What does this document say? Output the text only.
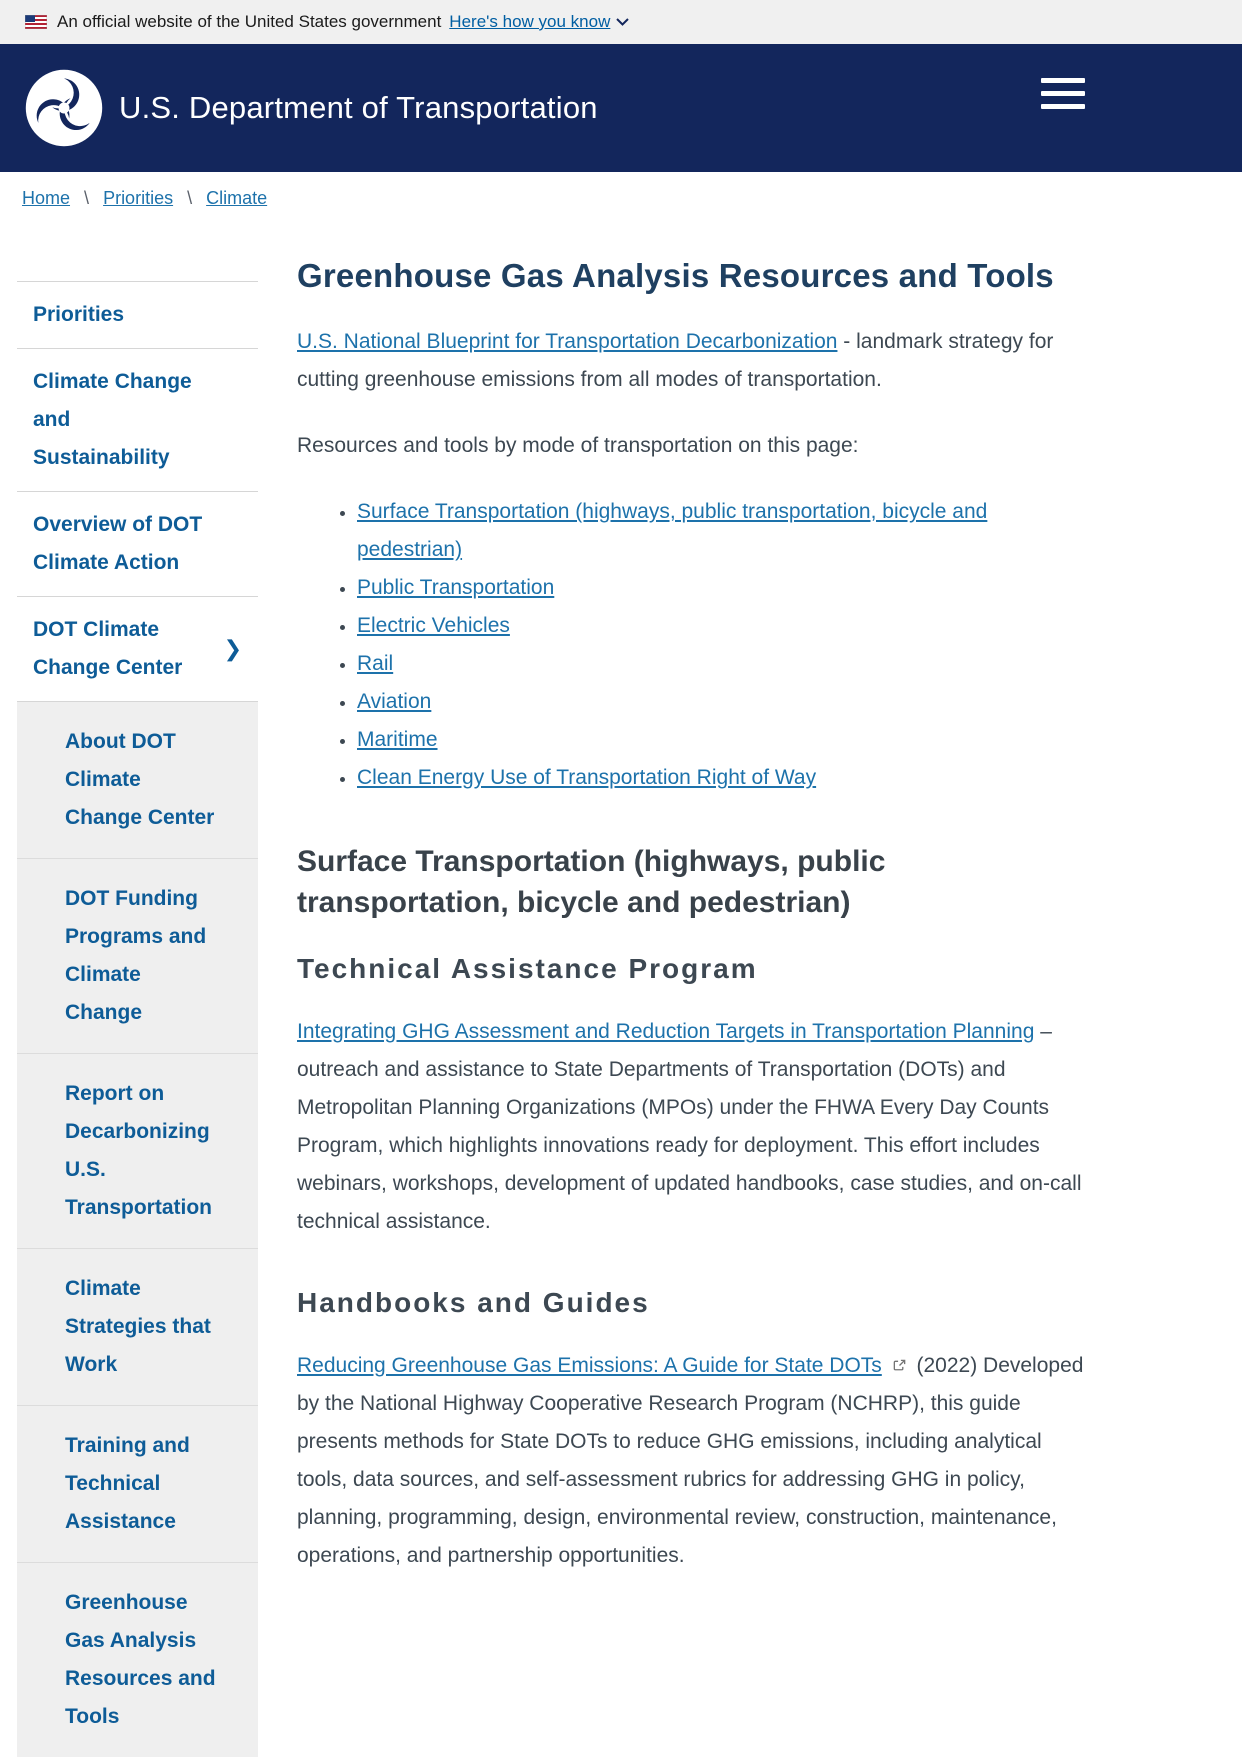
An official website of the United States government Here's how you know
U.S. Department of Transportation
Home \ Priorities \ Climate
Priorities
Climate Change and Sustainability
Overview of DOT Climate Action
DOT Climate Change Center
❯
About DOT Climate Change Center
DOT Funding Programs and Climate Change
Report on Decarbonizing U.S. Transportation
Climate Strategies that Work
Training and Technical Assistance
Greenhouse Gas Analysis Resources and Tools
Greenhouse Gas Analysis Resources and Tools

U.S. National Blueprint for Transportation Decarbonization - landmark strategy for cutting greenhouse emissions from all modes of transportation.

Resources and tools by mode of transportation on this page:

• Surface Transportation (highways, public transportation, bicycle and pedestrian)
• Public Transportation
• Electric Vehicles
• Rail
• Aviation
• Maritime
• Clean Energy Use of Transportation Right of Way
Surface Transportation (highways, public transportation, bicycle and pedestrian)
Technical Assistance Program

Integrating GHG Assessment and Reduction Targets in Transportation Planning – outreach and assistance to State Departments of Transportation (DOTs) and Metropolitan Planning Organizations (MPOs) under the FHWA Every Day Counts Program, which highlights innovations ready for deployment. This effort includes webinars, workshops, development of updated handbooks, case studies, and on-call technical assistance.

Handbooks and Guides

Reducing Greenhouse Gas Emissions: A Guide for State DOTs (2022) Developed by the National Highway Cooperative Research Program (NCHRP), this guide presents methods for State DOTs to reduce GHG emissions, including analytical tools, data sources, and self-assessment rubrics for addressing GHG in policy, planning, programming, design, environmental review, construction, maintenance, operations, and partnership opportunities.
